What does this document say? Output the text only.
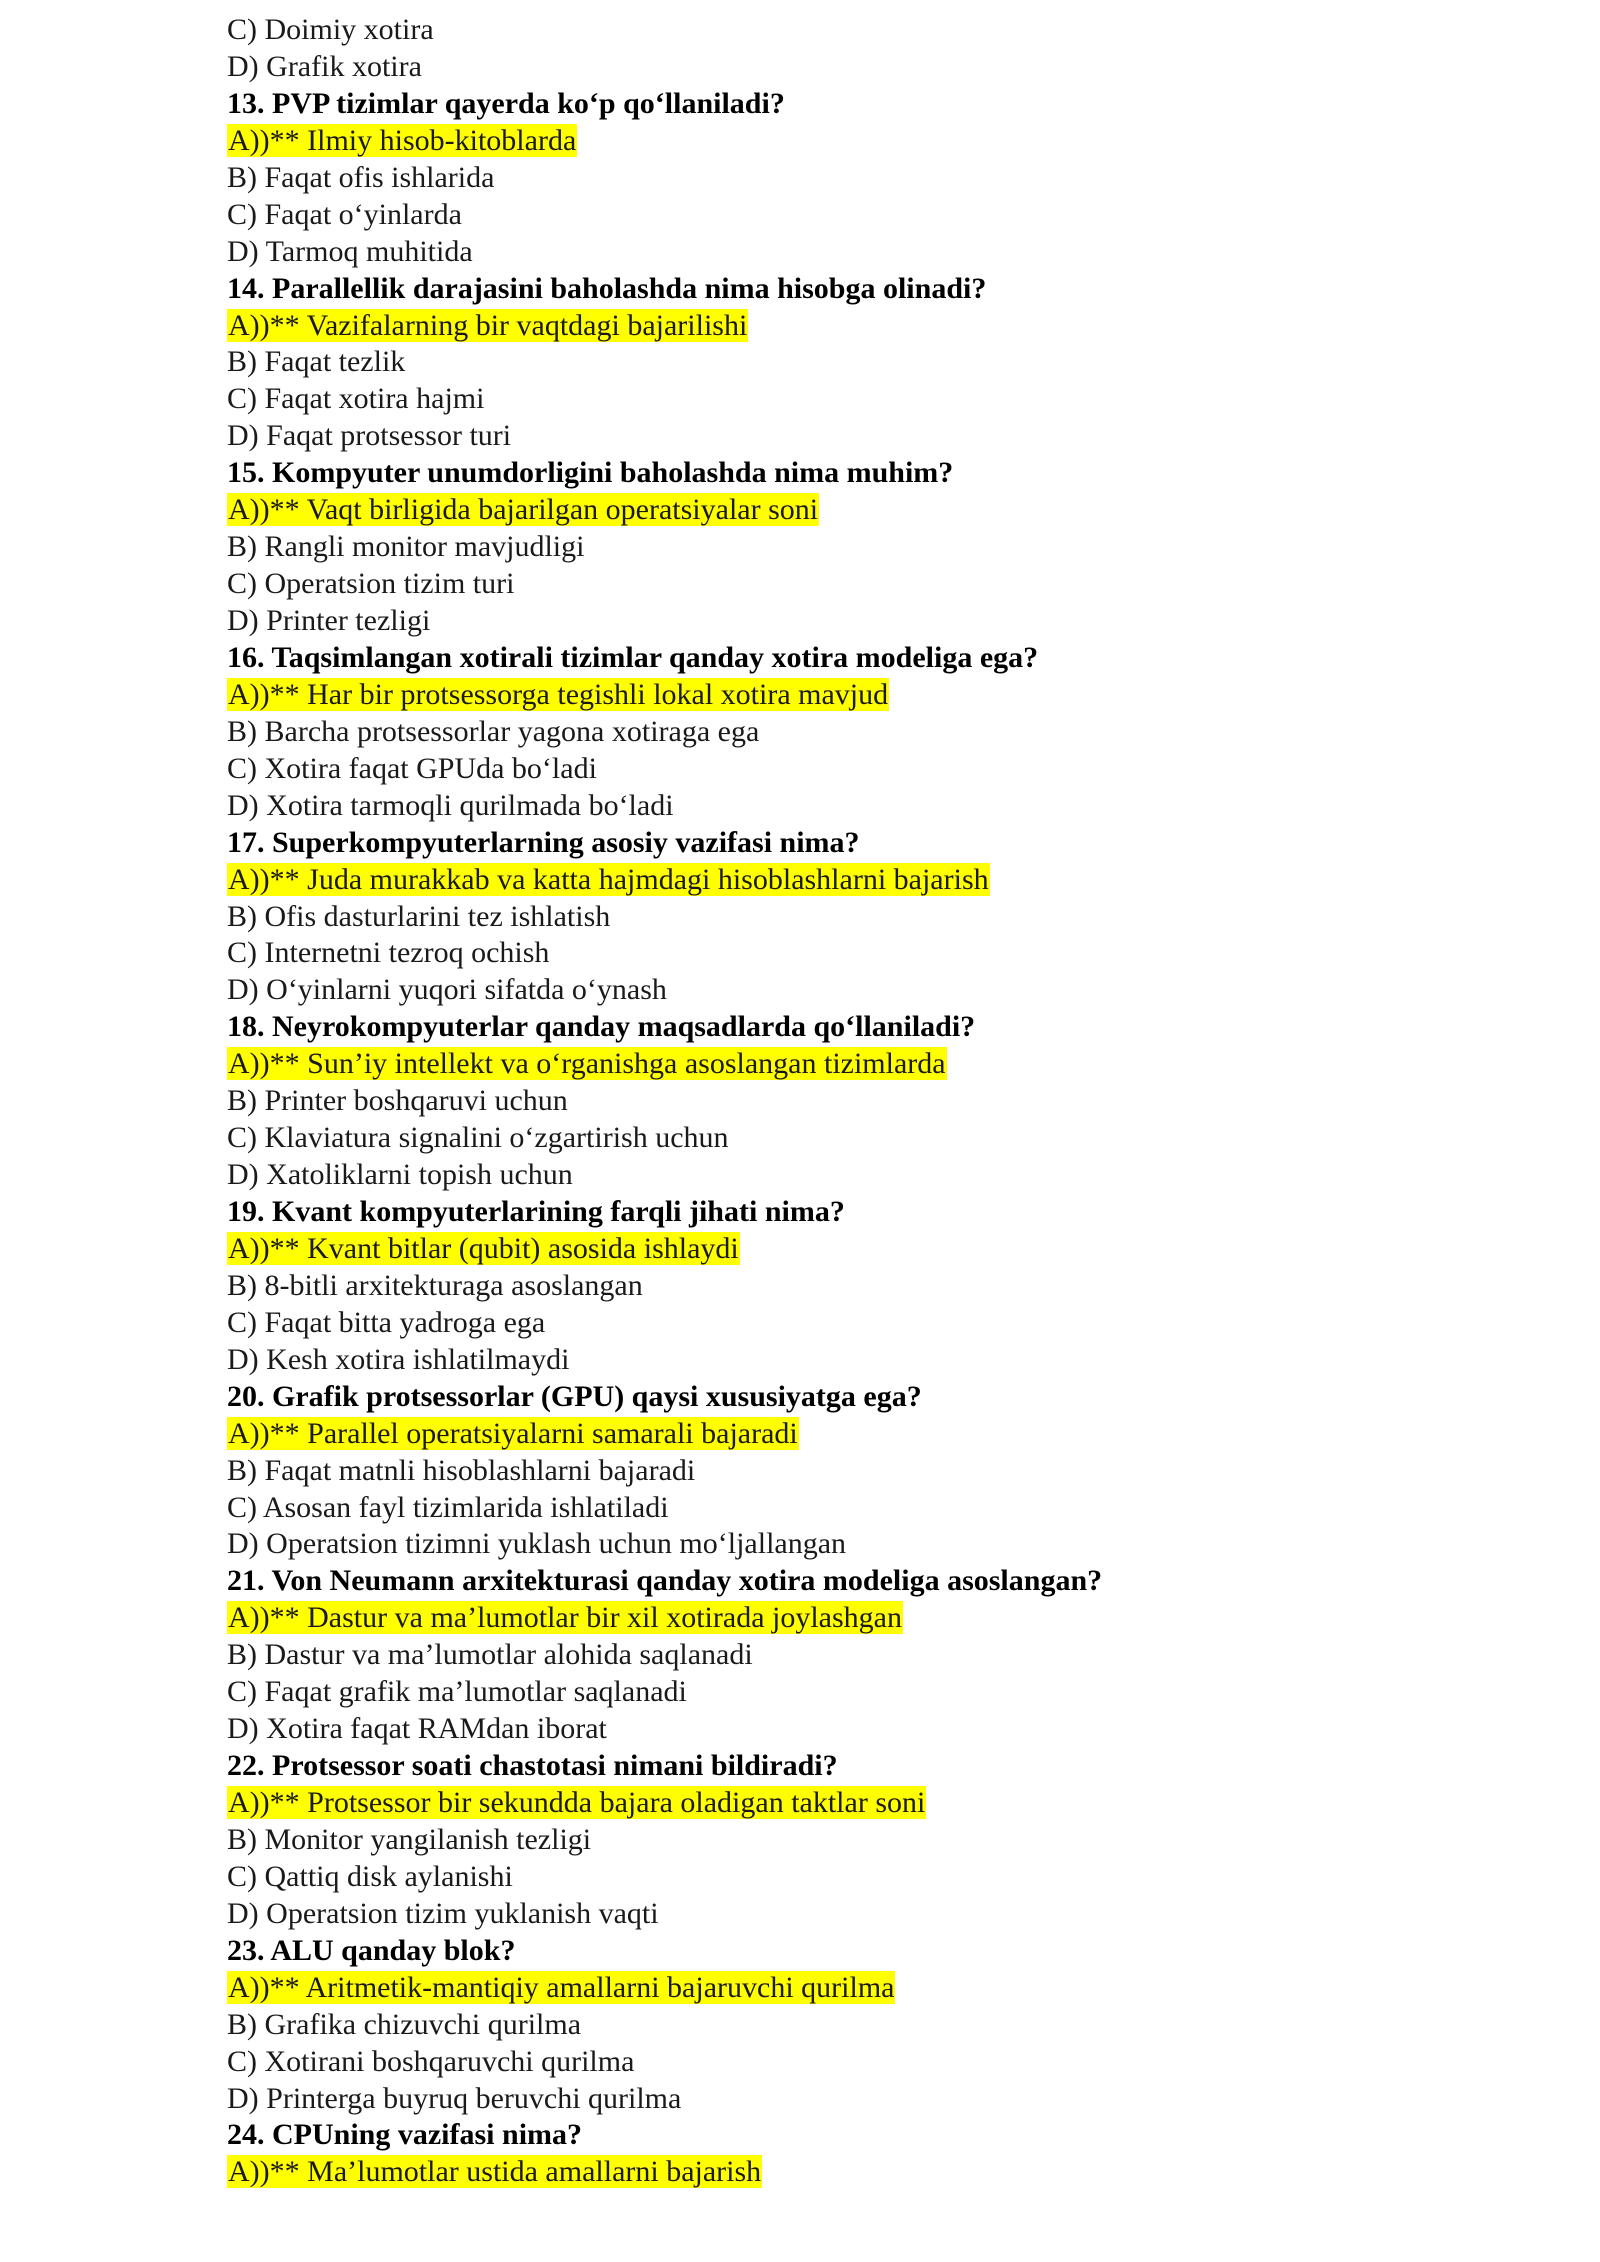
C) Doimiy xotira
D) Grafik xotira
13. PVP tizimlar qayerda ko‘p qo‘llaniladi?
A))** Ilmiy hisob-kitoblarda
B) Faqat ofis ishlarida
C) Faqat o‘yinlarda
D) Tarmoq muhitida
14. Parallellik darajasini baholashda nima hisobga olinadi?
A))** Vazifalarning bir vaqtdagi bajarilishi
B) Faqat tezlik
C) Faqat xotira hajmi
D) Faqat protsessor turi
15. Kompyuter unumdorligini baholashda nima muhim?
A))** Vaqt birligida bajarilgan operatsiyalar soni
B) Rangli monitor mavjudligi
C) Operatsion tizim turi
D) Printer tezligi
16. Taqsimlangan xotirali tizimlar qanday xotira modeliga ega?
A))** Har bir protsessorga tegishli lokal xotira mavjud
B) Barcha protsessorlar yagona xotiraga ega
C) Xotira faqat GPUda bo‘ladi
D) Xotira tarmoqli qurilmada bo‘ladi
17. Superkompyuterlarning asosiy vazifasi nima?
A))** Juda murakkab va katta hajmdagi hisoblashlarni bajarish
B) Ofis dasturlarini tez ishlatish
C) Internetni tezroq ochish
D) O‘yinlarni yuqori sifatda o‘ynash
18. Neyrokompyuterlar qanday maqsadlarda qo‘llaniladi?
A))** Sun’iy intellekt va o‘rganishga asoslangan tizimlarda
B) Printer boshqaruvi uchun
C) Klaviatura signalini o‘zgartirish uchun
D) Xatoliklarni topish uchun
19. Kvant kompyuterlarining farqli jihati nima?
A))** Kvant bitlar (qubit) asosida ishlaydi
B) 8-bitli arxitekturaga asoslangan
C) Faqat bitta yadroga ega
D) Kesh xotira ishlatilmaydi
20. Grafik protsessorlar (GPU) qaysi xususiyatga ega?
A))** Parallel operatsiyalarni samarali bajaradi
B) Faqat matnli hisoblashlarni bajaradi
C) Asosan fayl tizimlarida ishlatiladi
D) Operatsion tizimni yuklash uchun mo‘ljallangan
21. Von Neumann arxitekturasi qanday xotira modeliga asoslangan?
A))** Dastur va ma’lumotlar bir xil xotirada joylashgan
B) Dastur va ma’lumotlar alohida saqlanadi
C) Faqat grafik ma’lumotlar saqlanadi
D) Xotira faqat RAMdan iborat
22. Protsessor soati chastotasi nimani bildiradi?
A))** Protsessor bir sekundda bajara oladigan taktlar soni
B) Monitor yangilanish tezligi
C) Qattiq disk aylanishi
D) Operatsion tizim yuklanish vaqti
23. ALU qanday blok?
A))** Aritmetik-mantiqiy amallarni bajaruvchi qurilma
B) Grafika chizuvchi qurilma
C) Xotirani boshqaruvchi qurilma
D) Printerga buyruq beruvchi qurilma
24. CPUning vazifasi nima?
A))** Ma’lumotlar ustida amallarni bajarish
